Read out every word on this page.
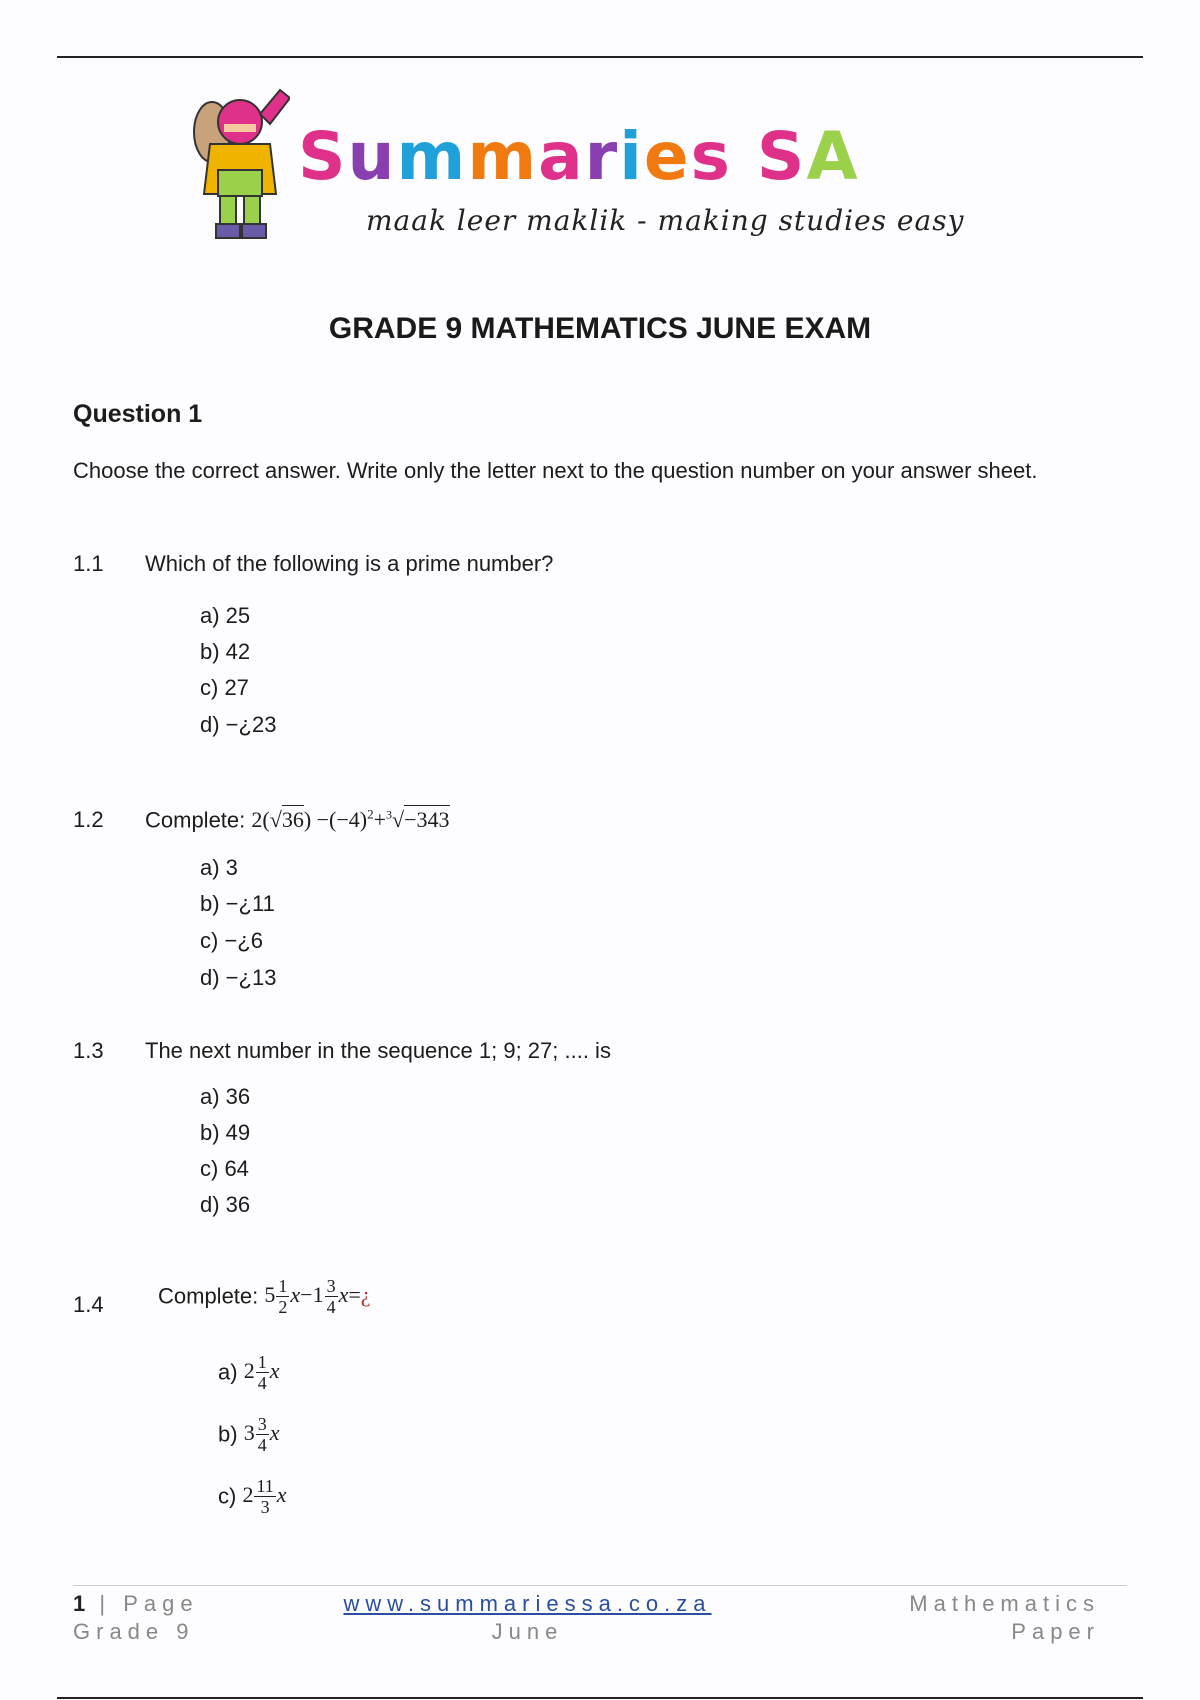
Summaries SA
maak leer maklik - making studies easy
GRADE 9 MATHEMATICS JUNE EXAM
Question 1
Choose the correct answer. Write only the letter next to the question number on your answer sheet.
1.1 Which of the following is a prime number?
a) 25
b) 42
c) 27
d) −¿23
1.2 Complete: $2(√36) -(-4)^2+^3√-343$
a) 3
b) −¿11
c) −¿6
d) −¿13
1.3 The next number in the sequence 1; 9; 27; .... is
a) 36
b) 49
c) 64
d) 36
1.4 Complete: $5 \frac{1}{2} x-1 \frac{3}{4}$ x=¿
a) $2 \frac{1}{4}$ x
b) $3 \frac{3}{4}$ x
c) $2 \frac{11}{3}$ x
1 | Page
Grade 9
www.summariessa.co.za
June
Mathematics
Paper
